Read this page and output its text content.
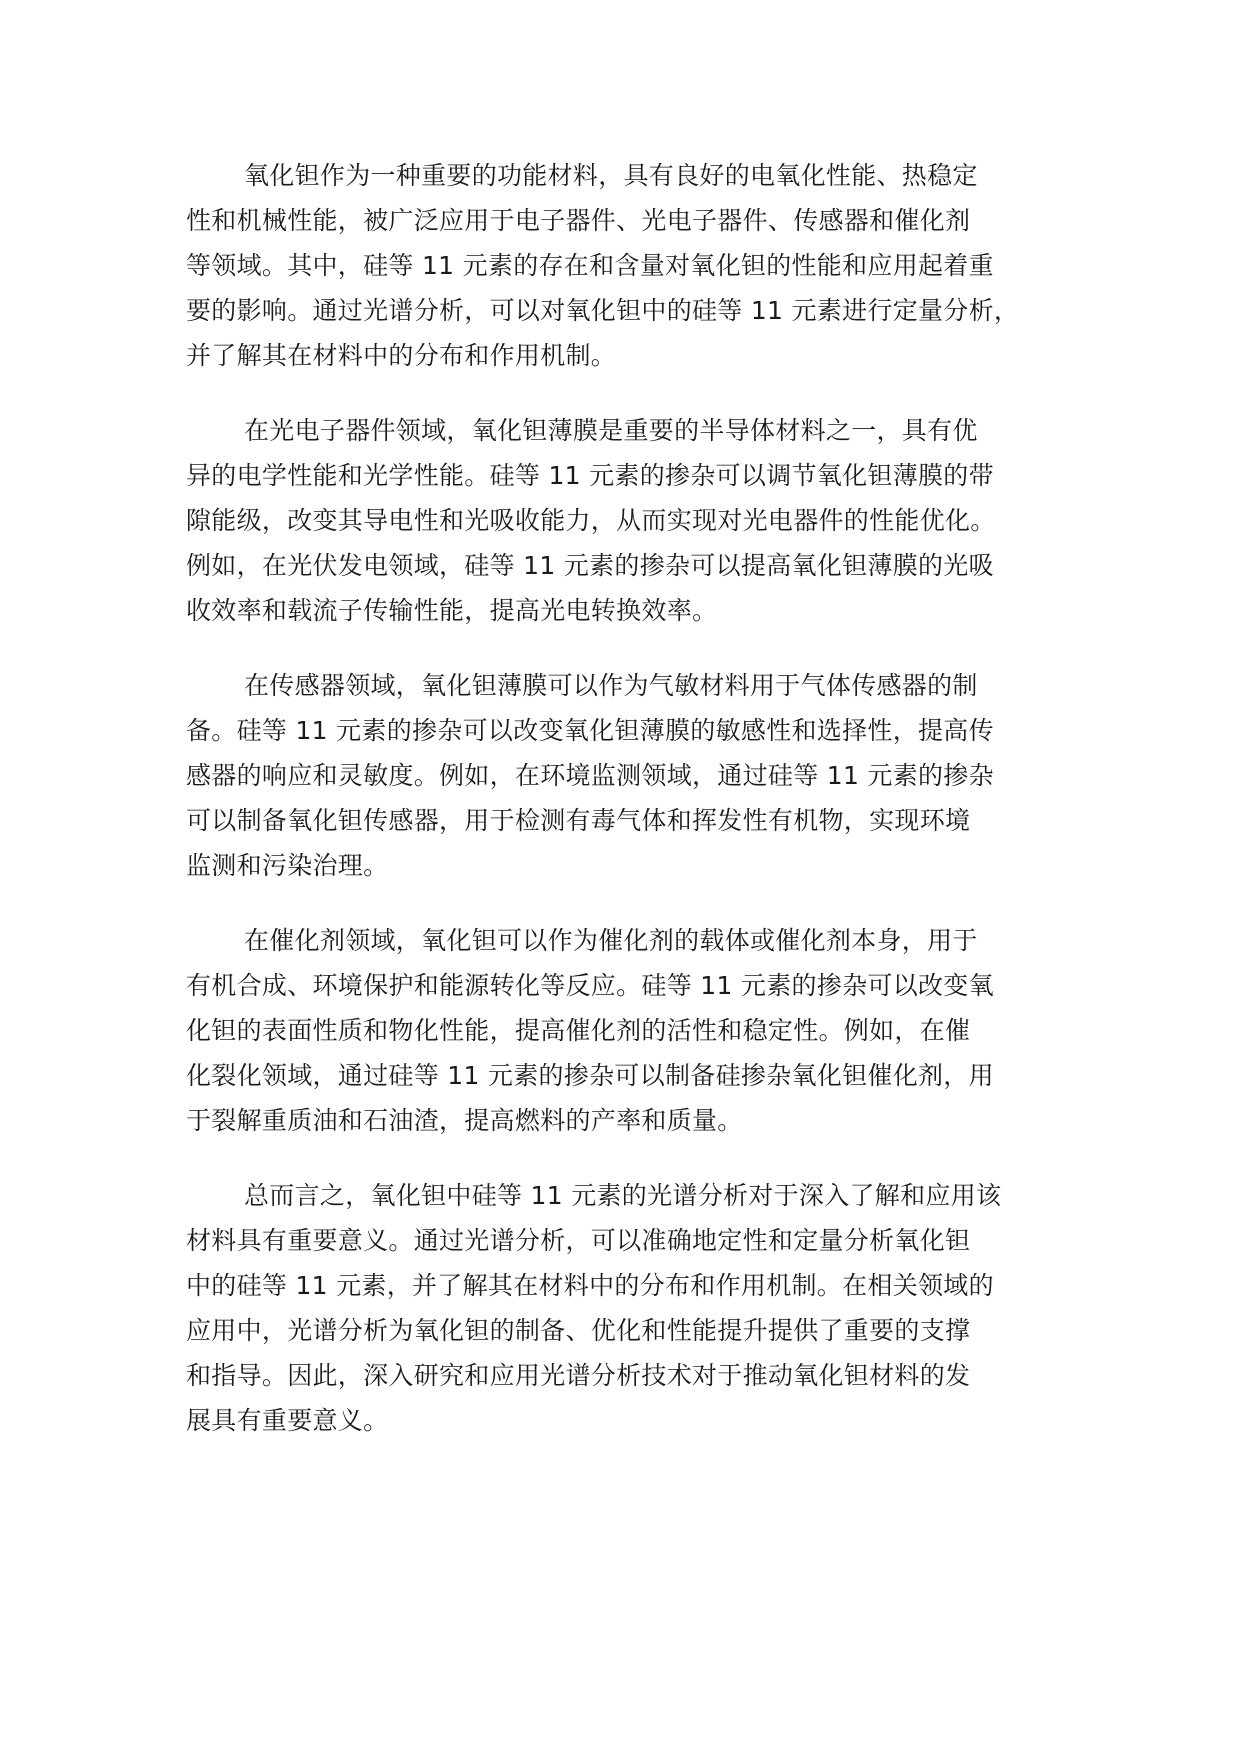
氧化钽作为一种重要的功能材料，具有良好的电氧化性能、热稳定
性和机械性能，被广泛应用于电子器件、光电子器件、传感器和催化剂
等领域。其中，硅等 11 元素的存在和含量对氧化钽的性能和应用起着重
要的影响。通过光谱分析，可以对氧化钽中的硅等 11 元素进行定量分析，
并了解其在材料中的分布和作用机制。

在光电子器件领域，氧化钽薄膜是重要的半导体材料之一，具有优
异的电学性能和光学性能。硅等 11 元素的掺杂可以调节氧化钽薄膜的带
隙能级，改变其导电性和光吸收能力，从而实现对光电器件的性能优化。
例如，在光伏发电领域，硅等 11 元素的掺杂可以提高氧化钽薄膜的光吸
收效率和载流子传输性能，提高光电转换效率。

在传感器领域，氧化钽薄膜可以作为气敏材料用于气体传感器的制
备。硅等 11 元素的掺杂可以改变氧化钽薄膜的敏感性和选择性，提高传
感器的响应和灵敏度。例如，在环境监测领域，通过硅等 11 元素的掺杂
可以制备氧化钽传感器，用于检测有毒气体和挥发性有机物，实现环境
监测和污染治理。

在催化剂领域，氧化钽可以作为催化剂的载体或催化剂本身，用于
有机合成、环境保护和能源转化等反应。硅等 11 元素的掺杂可以改变氧
化钽的表面性质和物化性能，提高催化剂的活性和稳定性。例如，在催
化裂化领域，通过硅等 11 元素的掺杂可以制备硅掺杂氧化钽催化剂，用
于裂解重质油和石油渣，提高燃料的产率和质量。

总而言之，氧化钽中硅等 11 元素的光谱分析对于深入了解和应用该
材料具有重要意义。通过光谱分析，可以准确地定性和定量分析氧化钽
中的硅等 11 元素，并了解其在材料中的分布和作用机制。在相关领域的
应用中，光谱分析为氧化钽的制备、优化和性能提升提供了重要的支撑
和指导。因此，深入研究和应用光谱分析技术对于推动氧化钽材料的发
展具有重要意义。
